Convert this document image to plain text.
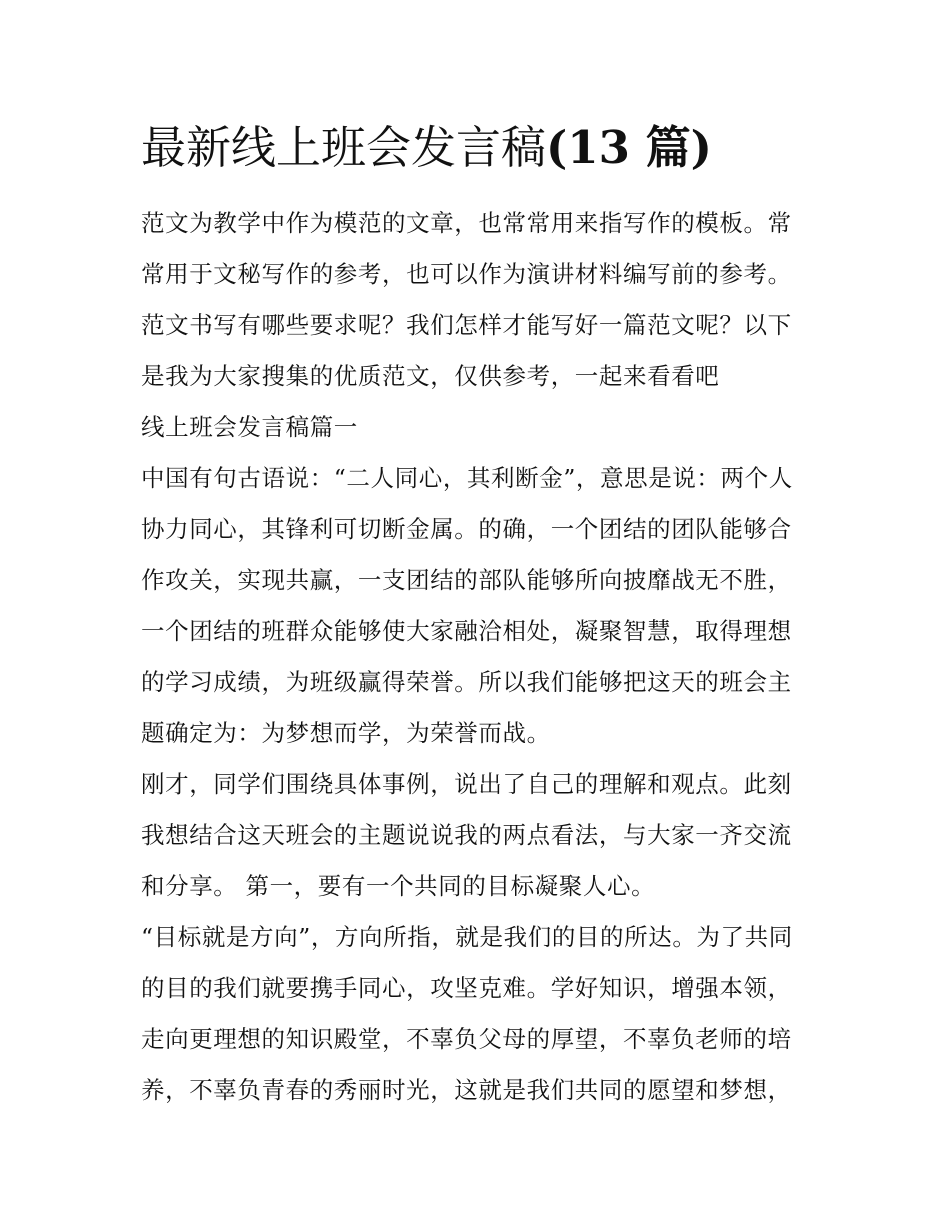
最新线上班会发言稿(13 篇)
范文为教学中作为模范的文章，也常常用来指写作的模板。常
常用于文秘写作的参考，也可以作为演讲材料编写前的参考。
范文书写有哪些要求呢？我们怎样才能写好一篇范文呢？以下
是我为大家搜集的优质范文，仅供参考，一起来看看吧
线上班会发言稿篇一
中国有句古语说：“二人同心，其利断金”，意思是说：两个人
协力同心，其锋利可切断金属。的确，一个团结的团队能够合
作攻关，实现共赢，一支团结的部队能够所向披靡战无不胜，
一个团结的班群众能够使大家融洽相处，凝聚智慧，取得理想
的学习成绩，为班级赢得荣誉。所以我们能够把这天的班会主
题确定为：为梦想而学，为荣誉而战。
刚才，同学们围绕具体事例，说出了自己的理解和观点。此刻
我想结合这天班会的主题说说我的两点看法，与大家一齐交流
和分享。 第一，要有一个共同的目标凝聚人心。
“目标就是方向”，方向所指，就是我们的目的所达。为了共同
的目的我们就要携手同心，攻坚克难。学好知识，增强本领，
走向更理想的知识殿堂，不辜负父母的厚望，不辜负老师的培
养，不辜负青春的秀丽时光，这就是我们共同的愿望和梦想，
